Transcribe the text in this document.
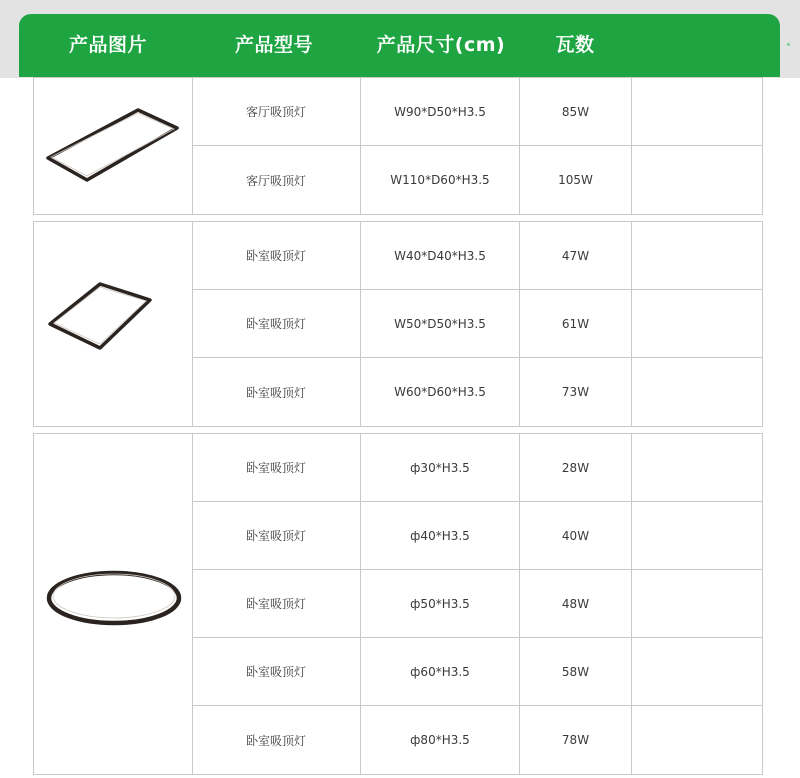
产品图片	产品型号	产品尺寸(cm)	瓦数
客厅吸顶灯	W90*D50*H3.5	85W
客厅吸顶灯	W110*D60*H3.5	105W
卧室吸顶灯	W40*D40*H3.5	47W
卧室吸顶灯	W50*D50*H3.5	61W
卧室吸顶灯	W60*D60*H3.5	73W
卧室吸顶灯	ф30*H3.5	28W
卧室吸顶灯	ф40*H3.5	40W
卧室吸顶灯	ф50*H3.5	48W
卧室吸顶灯	ф60*H3.5	58W
卧室吸顶灯	ф80*H3.5	78W
